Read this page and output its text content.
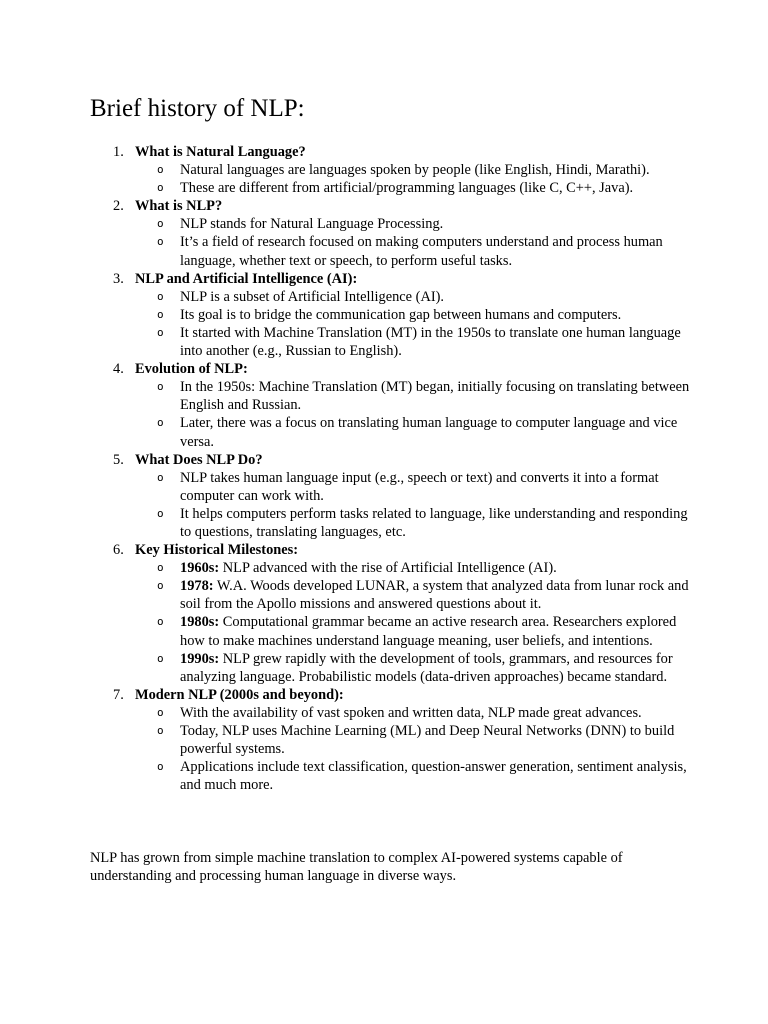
Brief history of NLP:
1. What is Natural Language?
o Natural languages are languages spoken by people (like English, Hindi, Marathi).
o These are different from artificial/programming languages (like C, C++, Java).
2. What is NLP?
o NLP stands for Natural Language Processing.
o It’s a field of research focused on making computers understand and process human language, whether text or speech, to perform useful tasks.
3. NLP and Artificial Intelligence (AI):
o NLP is a subset of Artificial Intelligence (AI).
o Its goal is to bridge the communication gap between humans and computers.
o It started with Machine Translation (MT) in the 1950s to translate one human language into another (e.g., Russian to English).
4. Evolution of NLP:
o In the 1950s: Machine Translation (MT) began, initially focusing on translating between English and Russian.
o Later, there was a focus on translating human language to computer language and vice versa.
5. What Does NLP Do?
o NLP takes human language input (e.g., speech or text) and converts it into a format computer can work with.
o It helps computers perform tasks related to language, like understanding and responding to questions, translating languages, etc.
6. Key Historical Milestones:
o 1960s: NLP advanced with the rise of Artificial Intelligence (AI).
o 1978: W.A. Woods developed LUNAR, a system that analyzed data from lunar rock and soil from the Apollo missions and answered questions about it.
o 1980s: Computational grammar became an active research area. Researchers explored how to make machines understand language meaning, user beliefs, and intentions.
o 1990s: NLP grew rapidly with the development of tools, grammars, and resources for analyzing language. Probabilistic models (data-driven approaches) became standard.
7. Modern NLP (2000s and beyond):
o With the availability of vast spoken and written data, NLP made great advances.
o Today, NLP uses Machine Learning (ML) and Deep Neural Networks (DNN) to build powerful systems.
o Applications include text classification, question-answer generation, sentiment analysis, and much more.

NLP has grown from simple machine translation to complex AI-powered systems capable of understanding and processing human language in diverse ways.
